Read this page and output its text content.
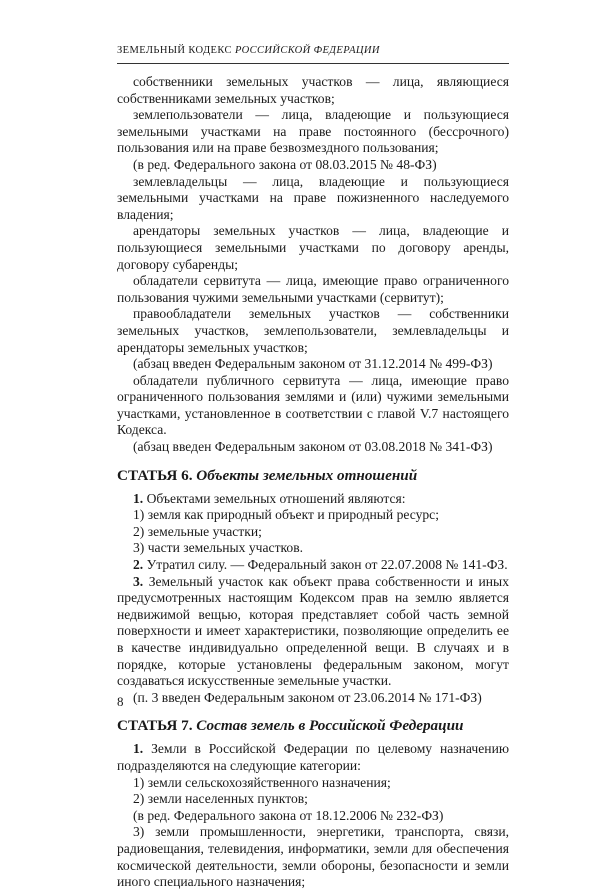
ЗЕМЕЛЬНЫЙ КОДЕКС РОССИЙСКОЙ ФЕДЕРАЦИИ

собственники земельных участков — лица, являющиеся собственниками земельных участков;

землепользователи — лица, владеющие и пользующиеся земельными участками на праве постоянного (бессрочного) пользования или на праве безвозмездного пользования;

(в ред. Федерального закона от 08.03.2015 № 48-ФЗ)

землевладельцы — лица, владеющие и пользующиеся земельными участками на праве пожизненного наследуемого владения;

арендаторы земельных участков — лица, владеющие и пользующиеся земельными участками по договору аренды, договору субаренды;

обладатели сервитута — лица, имеющие право ограниченного пользования чужими земельными участками (сервитут);

правообладатели земельных участков — собственники земельных участков, землепользователи, землевладельцы и арендаторы земельных участков;

(абзац введен Федеральным законом от 31.12.2014 № 499-ФЗ)

обладатели публичного сервитута — лица, имеющие право ограниченного пользования землями и (или) чужими земельными участками, установленное в соответствии с главой V.7 настоящего Кодекса.

(абзац введен Федеральным законом от 03.08.2018 № 341-ФЗ)

СТАТЬЯ 6. Объекты земельных отношений

1. Объектами земельных отношений являются:

1) земля как природный объект и природный ресурс;

2) земельные участки;

3) части земельных участков.

2. Утратил силу. — Федеральный закон от 22.07.2008 № 141-ФЗ.

3. Земельный участок как объект права собственности и иных предусмотренных настоящим Кодексом прав на землю является недвижимой вещью, которая представляет собой часть земной поверхности и имеет характеристики, позволяющие определить ее в качестве индивидуально определенной вещи. В случаях и в порядке, которые установлены федеральным законом, могут создаваться искусственные земельные участки.

(п. 3 введен Федеральным законом от 23.06.2014 № 171-ФЗ)

СТАТЬЯ 7. Состав земель в Российской Федерации

1. Земли в Российской Федерации по целевому назначению подразделяются на следующие категории:

1) земли сельскохозяйственного назначения;

2) земли населенных пунктов;

(в ред. Федерального закона от 18.12.2006 № 232-ФЗ)

3) земли промышленности, энергетики, транспорта, связи, радиовещания, телевидения, информатики, земли для обеспечения космической деятельности, земли обороны, безопасности и земли иного специального назначения;

8
